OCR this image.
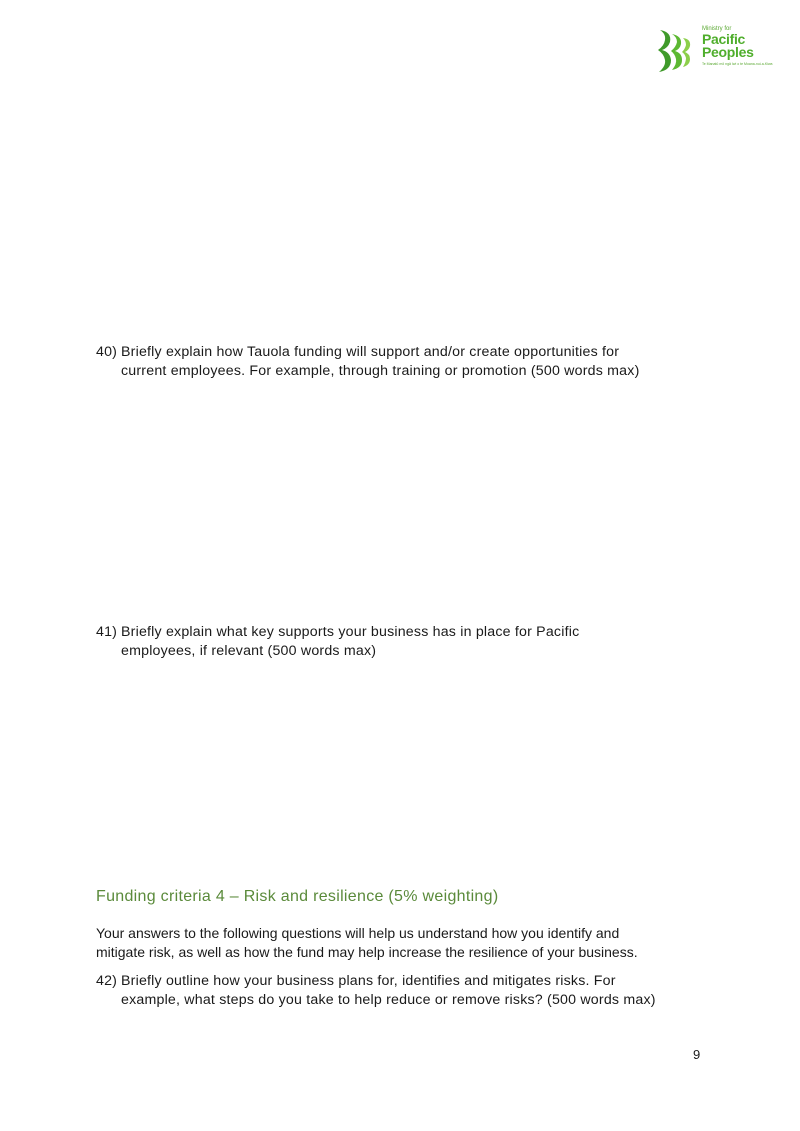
Ministry for
Pacific
Peoples
Te Manatū mō ngā Iwi o te Moana-nui-a-Kiwa
40) Briefly explain how Tauola funding will support and/or create opportunities for
current employees. For example, through training or promotion (500 words max)
41) Briefly explain what key supports your business has in place for Pacific
employees, if relevant (500 words max)
Funding criteria 4 – Risk and resilience (5% weighting)
Your answers to the following questions will help us understand how you identify and
mitigate risk, as well as how the fund may help increase the resilience of your business.
42) Briefly outline how your business plans for, identifies and mitigates risks. For
example, what steps do you take to help reduce or remove risks? (500 words max)
9
